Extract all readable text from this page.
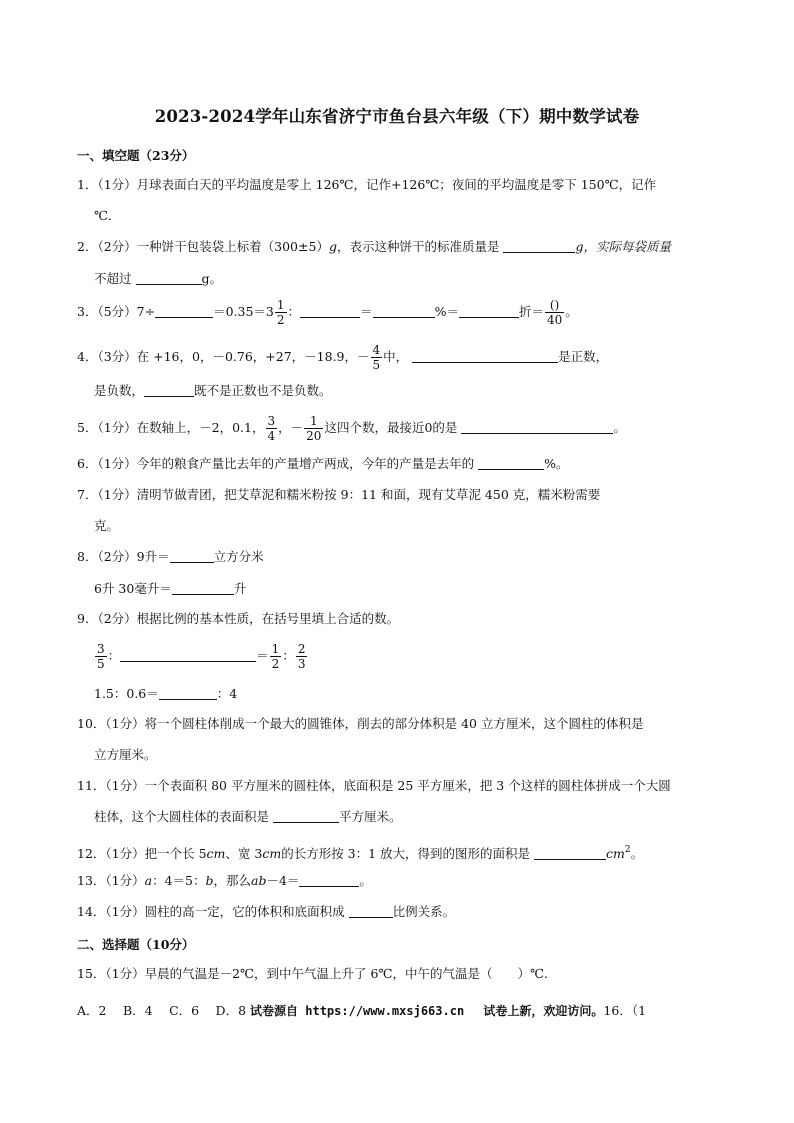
2023-2024学年山东省济宁市鱼台县六年级（下）期中数学试卷
一、填空题（23分）
1．（1分）月球表面白天的平均温度是零上 126℃，记作+126℃；夜间的平均温度是零下 150℃，记作
℃．
2．（2分）一种饼干包装袋上标着（300±5）g，表示这种饼干的标准质量是	g，实际每袋质量
不超过	g。
3．（5分）7÷	$=0.35=3 \frac{1}{2}$ ：	＝	%＝	折＝ $\frac{()}{40}$ 。
4．（3分）在 +16，0，－0.76，+27，－18.9，－ $\frac{4}{5}$ 中，	是正数，
是负数，	既不是正数也不是负数。
5．（1分）在数轴上，－2，0.1， $\frac{3}{4}$ ，－ $\frac{1}{20}$ 这四个数，最接近0的是	。
6．（1分）今年的粮食产量比去年的产量增产两成，今年的产量是去年的	%。
7．（1分）清明节做青团，把艾草泥和糯米粉按 9：11 和面，现有艾草泥 450 克，糯米粉需要
克。
8．（2分）9升＝	立方分米
6升 30毫升＝	升
9．（2分）根据比例的基本性质，在括号里填上合适的数。
$\frac{3}{5}$ ：	＝ $\frac{1}{2}$ ： $\frac{2}{3}$
1.5：0.6＝	：4
10．（1分）将一个圆柱体削成一个最大的圆锥体，削去的部分体积是 40 立方厘米，这个圆柱的体积是
立方厘米。
11．（1分）一个表面积 80 平方厘米的圆柱体，底面积是 25 平方厘米，把 3 个这样的圆柱体拼成一个大圆
柱体，这个大圆柱体的表面积是	平方厘米。
12．（1分）把一个长 5cm、宽 3cm的长方形按 3：1 放大，得到的图形的面积是	$cm^2$。
13．（1分）a：4＝5：b，那么ab－4＝	。
14．（1分）圆柱的高一定，它的体积和底面积成	比例关系。
二、选择题（10分）
15．（1分）早晨的气温是－2℃，到中午气温上升了 6℃，中午的气温是（　　）℃.
A．2　 B．4　 C．6　 D．8 试卷源自 https://www.mxsj663.cn　 试卷上新，欢迎访问。16．（1
